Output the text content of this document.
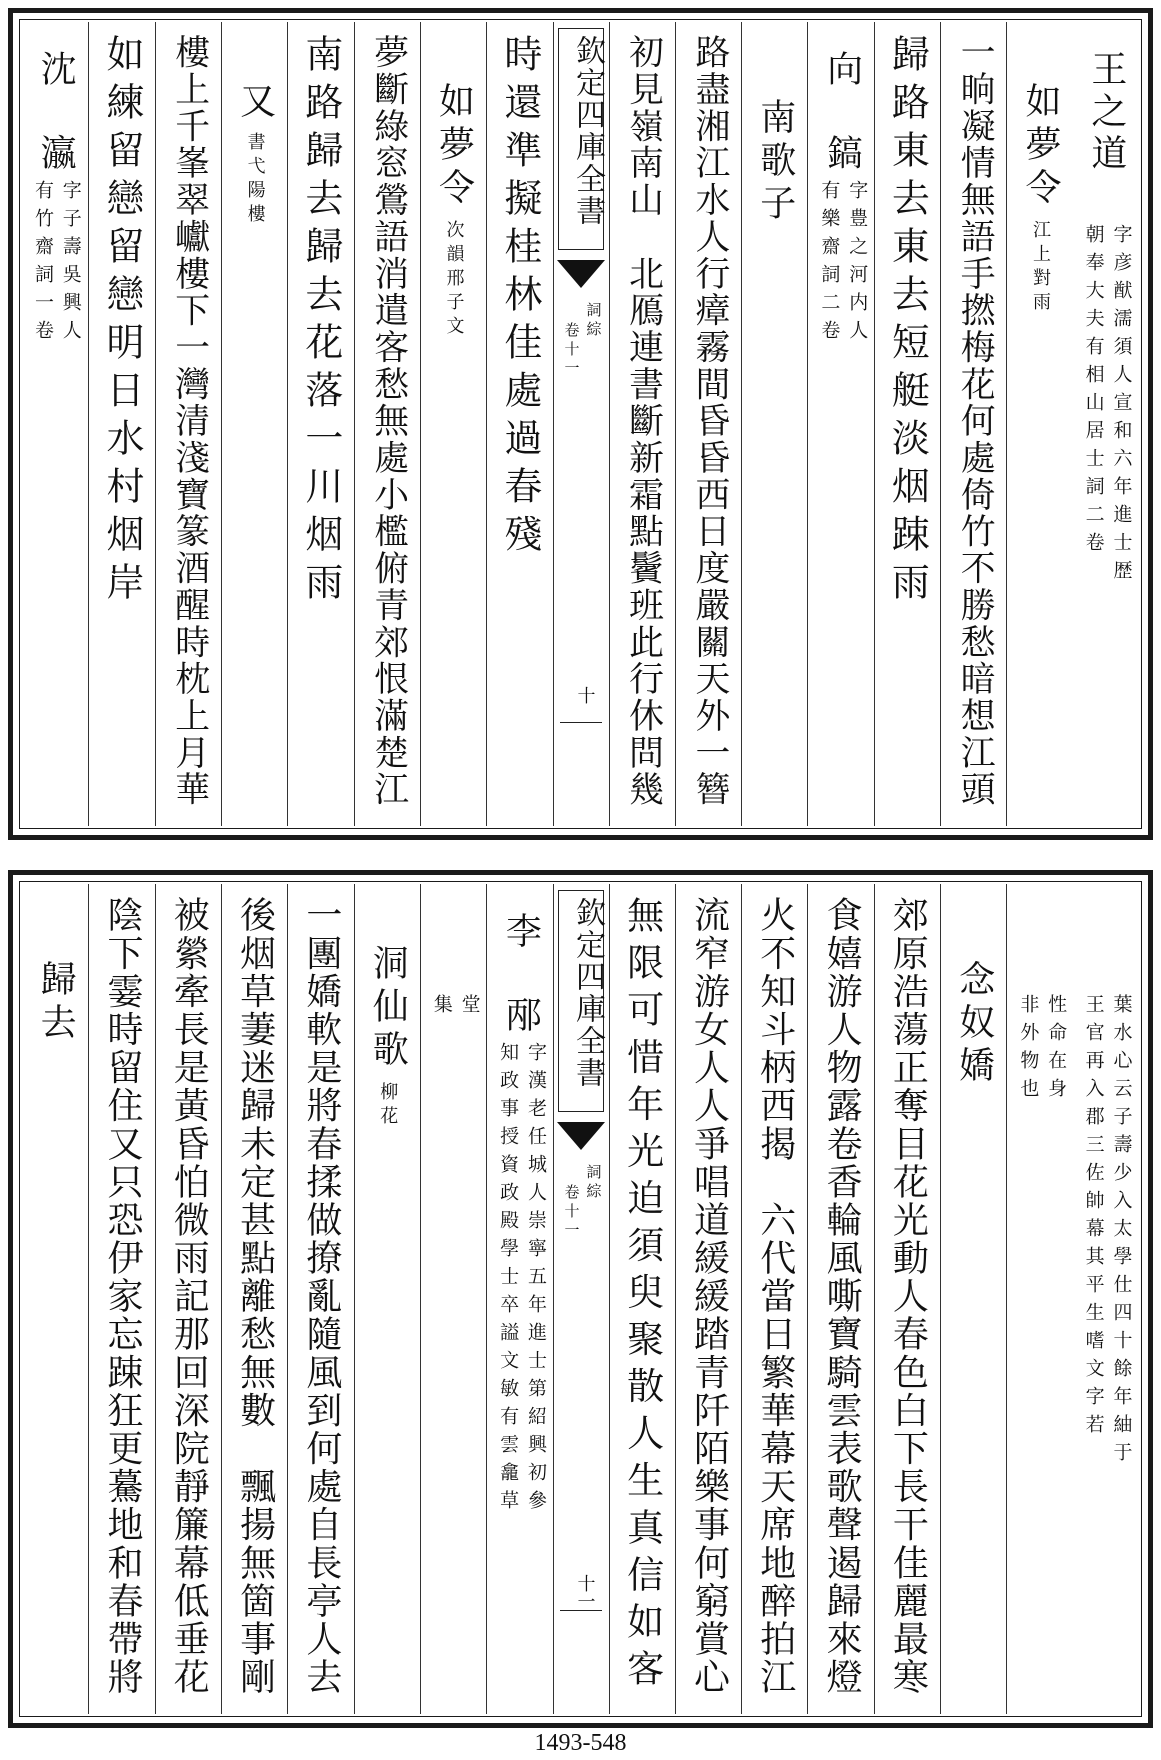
王之道
字彦猷濡須人宣和六年進士歴
朝奉大夫有相山居士詞二卷
如夢令
江上對雨
一晌凝情無語手撚梅花何處倚竹不勝愁暗想江頭
歸路東去東去短艇淡烟踈雨
向　鎬
字豊之河内人
有樂齋詞二卷
南歌子
路盡湘江水人行瘴霧間昏昏西日度嚴關天外一簪
初見嶺南山　北鴈連書斷新霜點鬢班此行休問幾
欽定四庫全書
詞綜
卷十一
十
時還準擬桂林佳處過春殘
如夢令
次韻邢子文
夢斷綠窓鶯語消遣客愁無處小檻俯青郊恨滿楚江
南路歸去歸去花落一川烟雨
又
書弋陽樓
樓上千峯翠巘樓下一灣清淺寶篆酒醒時枕上月華
如練留戀留戀明日水村烟岸
沈　瀛
字子壽吳興人
有竹齋詞一卷
葉水心云子壽少入太學仕四十餘年紬于
王官再入郡三佐帥幕其平生嗜文字若
性命在身
非外物也
念奴嬌
郊原浩蕩正奪目花光動人春色白下長干佳麗最寒
食嬉游人物露卷香輪風嘶寶騎雲表歌聲遏歸來燈
火不知斗柄西揭　六代當日繁華幕天席地醉拍江
流窄游女人人爭唱道緩緩踏青阡陌樂事何窮賞心
無限可惜年光迫須臾聚散人生真信如客
欽定四庫全書
詞綜
卷十一
十一
李　邴
字漢老任城人崇寧五年進士第紹興初參
知政事授資政殿學士卒謚文敏有雲龕草
堂
集
洞仙歌
柳花
一團嬌軟是將春揉做撩亂隨風到何處自長亭人去
後烟草萋迷歸未定甚點離愁無數　飄揚無箇事剛
被縈牽長是黃昏怕微雨記那回深院靜簾幕低垂花
陰下霎時留住又只恐伊家忘踈狂更驀地和春帶將
歸去
1493-548
